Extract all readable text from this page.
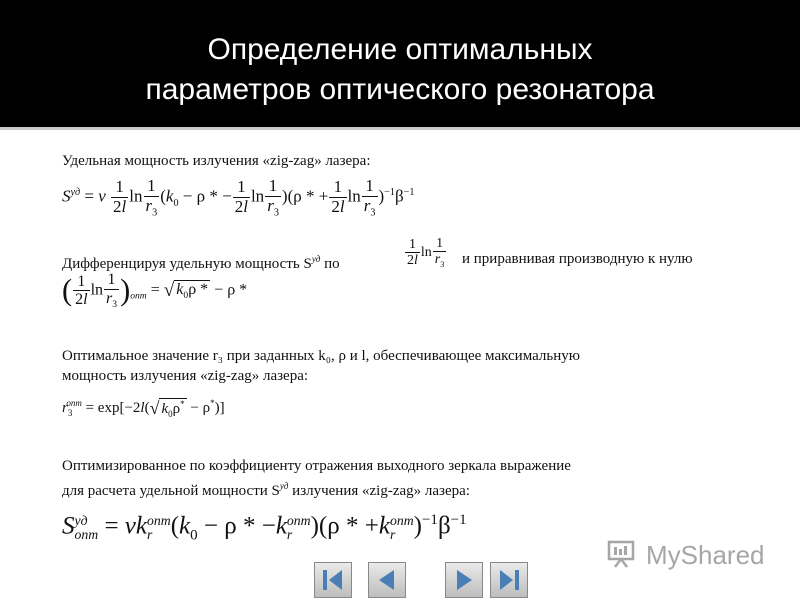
Определение оптимальных
параметров оптического резонатора
Удельная мощность излучения «zig-zag» лазера:
$S^{уд} = \nu \frac{1}{2l}$ $\ln \frac{1}{r_3} (k_0 - \rho$ * − $\frac{1}{2l}$ $\ln \frac{1}{r_3} )(\rho$ * + $\frac{1}{2l}$ $\ln \frac{1}{r_3} )^{-1}\beta^{-1}$
Дифференцируя удельную мощность $S^{уд}$ по	$\frac{1}{2l}$ $\ln \frac{1}{r_3}$ и приравнивая производную к нулю
( $\frac{1}{2l}$ $\ln \frac{1}{r_3} )_{опт}$ = √ $k_0\rho$ * − ρ *
Оптимальное значение r₃ при заданных k₀, ρ и l, обеспечивающее максимальную
мощность излучения «zig-zag» лазера:
$r_3^{опт} = \exp[-2l(√$ $k_0\rho^* - \rho^*$)]
Оптимизированное по коэффициенту отражения выходного зеркала выражение
для расчета удельной мощности $S^{уд}$ излучения «zig-zag» лазера:
S уд
опт = νk опт
r ($k_0 - \rho * -k$ опт
r )(ρ * +k опт
r )$^{-1}\beta^{-1}$
MyShared
